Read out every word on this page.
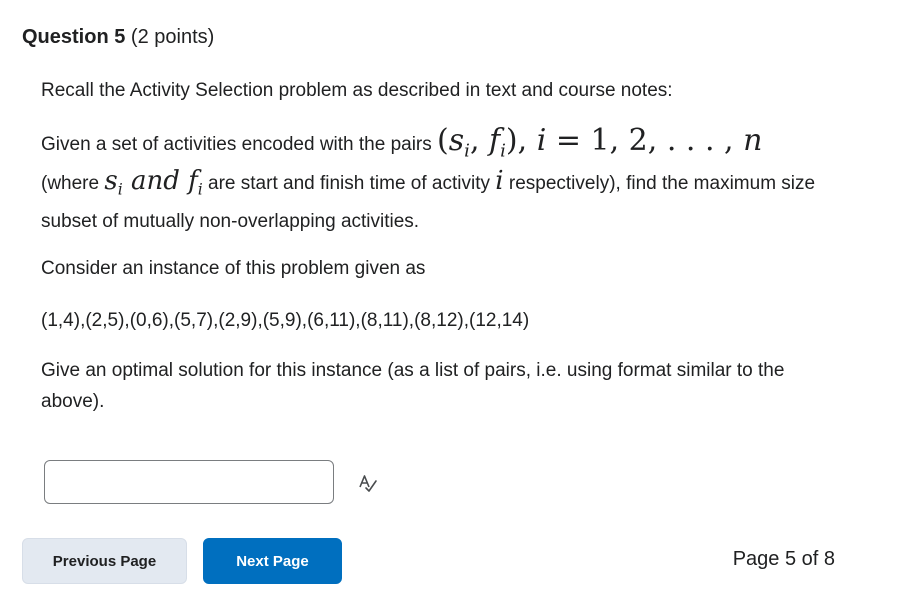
Question 5 (2 points)

Recall the Activity Selection problem as described in text and course notes:

Given a set of activities encoded with the pairs ($s_i$, $f_i$), i = 1, 2, . . . , n
(where $s_i$ and $f_i$ are start and finish time of activity i respectively), find the maximum size subset of mutually non-overlapping activities.

Consider an instance of this problem given as

(1,4),(2,5),(0,6),(5,7),(2,9),(5,9),(6,11),(8,11),(8,12),(12,14)

Give an optimal solution for this instance (as a list of pairs, i.e. using format similar to the above).

Previous Page	Next Page	Page 5 of 8
